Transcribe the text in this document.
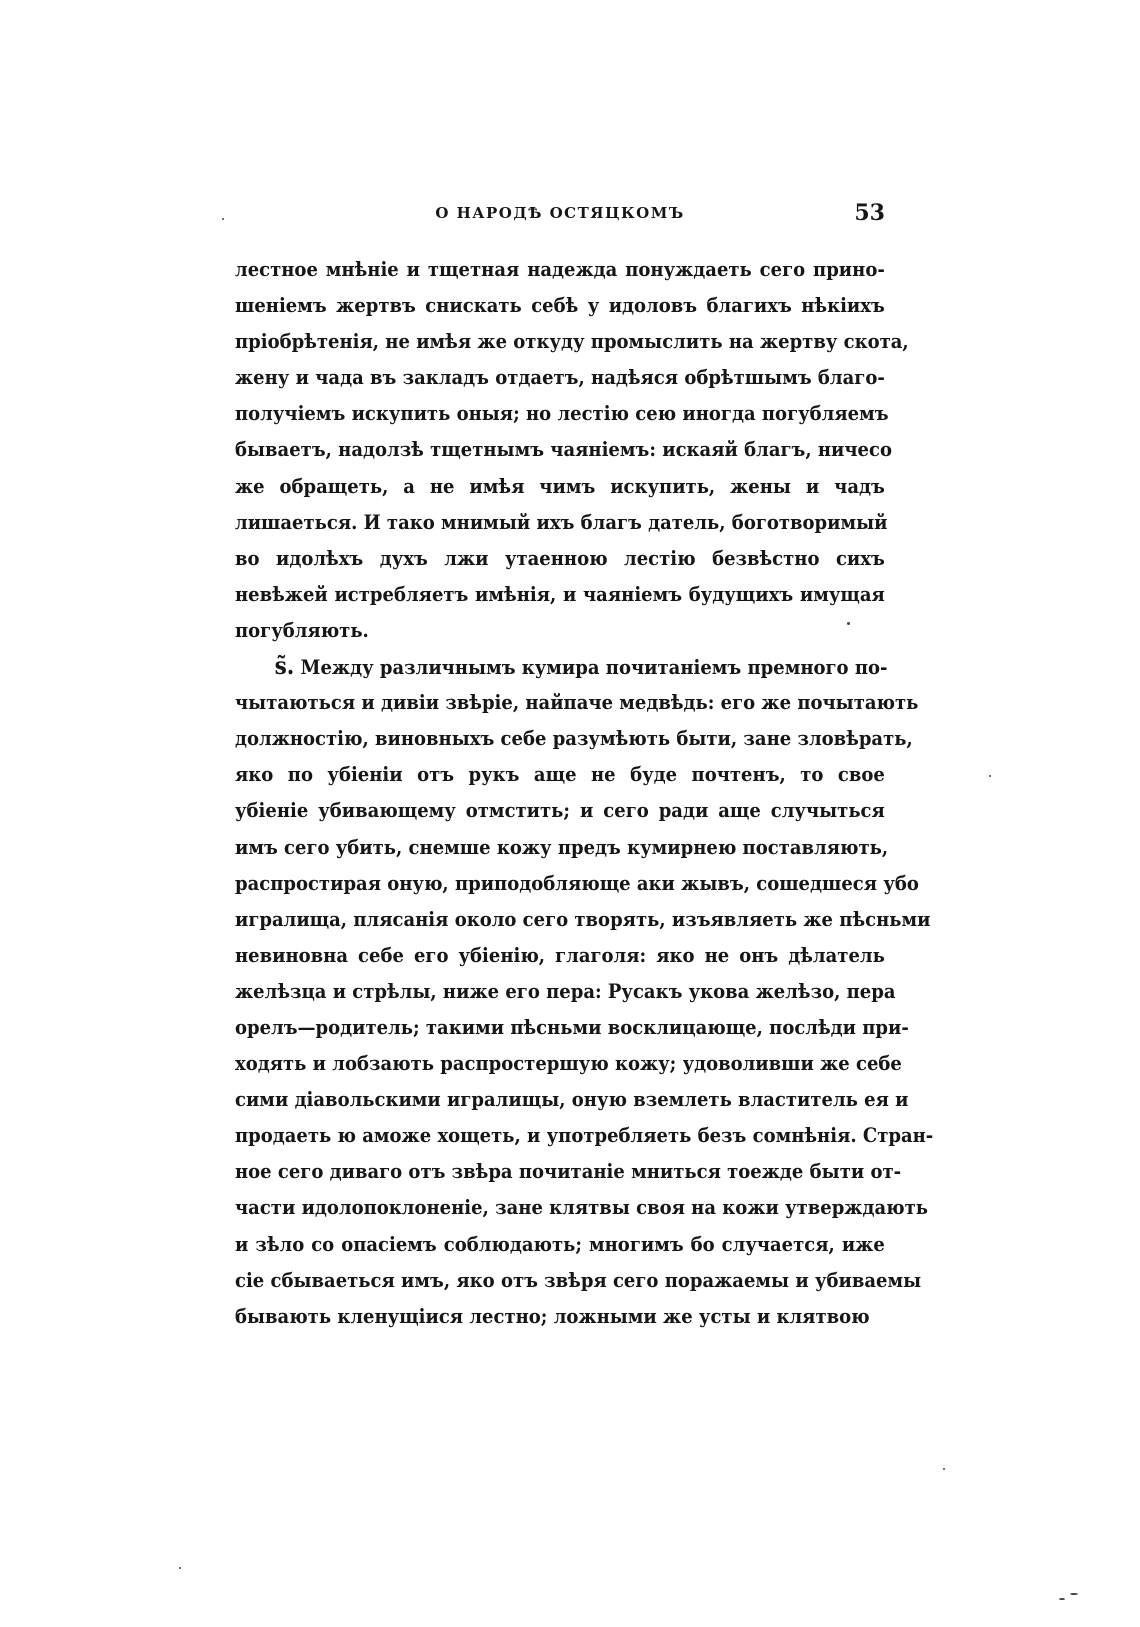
О НАРОДѢ ОСТЯЦКОМЪ	53
лестное мнѣніе и тщетная надежда понуждаеть сего прино-
шеніемъ жертвъ снискать себѣ у идоловъ благихъ нѣкіихъ
пріобрѣтенія, не имѣя же откуду промыслить на жертву скота,
жену и чада въ закладъ отдаетъ, надѣяся обрѣтшымъ благо-
получіемъ искупить оныя; но лестію сею иногда погубляемъ
бываетъ, надолзѣ тщетнымъ чаяніемъ: искаяй благъ, ничесо
же обращеть, а не имѣя чимъ искупить, жены и чадъ
лишаеться. И тако мнимый ихъ благъ датель, боготворимый
во идолѣхъ духъ лжи утаенною лестію безвѣстно сихъ
невѣжей истребляетъ имѣнія, и чаяніемъ будущихъ имущая
погубляють.
ѕ̃. Между различнымъ кумира почитаніемъ премного по-
чытаються и дивіи звѣріе, найпаче медвѣдь: его же почытають
должностію, виновныхъ себе разумѣють быти, зане зловѣрать,
яко по убіеніи отъ рукъ аще не буде почтенъ, то свое
убіеніе убивающему отмстить; и сего ради аще случыться
имъ сего убить, снемше кожу предъ кумирнею поставляють,
распростирая оную, приподобляюще аки жывъ, сошедшеся убо
игралища, плясанія около сего творять, изъявляеть же пѣсньми
невиновна себе его убіенію, глаголя: яко не онъ дѣлатель
желѣзца и стрѣлы, ниже его пера: Русакъ укова желѣзо, пера
орелъ—родитель; такими пѣсньми восклицающе, послѣди при-
ходять и лобзають распростершую кожу; удоволивши же себе
сими діавольскими игралищы, оную вземлеть властитель ея и
продаеть ю аможе хощеть, и употребляеть безъ сомнѣнія. Стран-
ное сего диваго отъ звѣра почитаніе мниться тоежде быти от-
части идолопоклоненіе, зане клятвы своя на кожи утверждають
и зѣло со опасіемъ соблюдають; многимъ бо случается, иже
сіе сбываеться имъ, яко отъ звѣря сего поражаемы и убиваемы
бывають кленущіися лестно; ложными же усты и клятвою
